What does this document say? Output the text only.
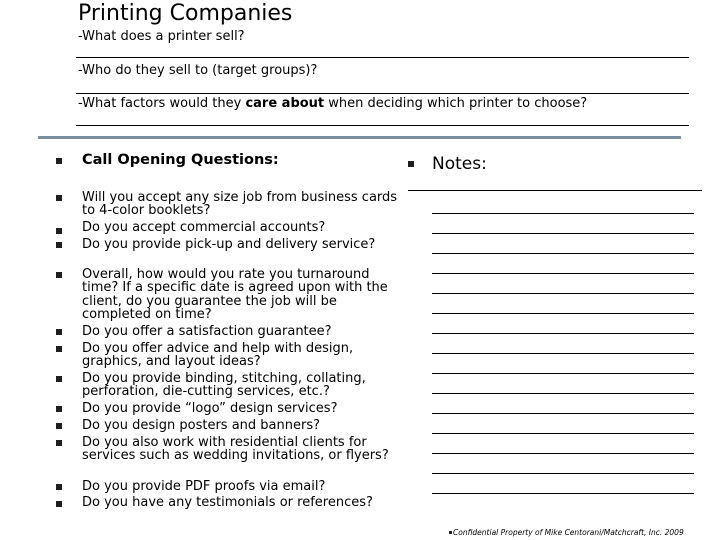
Printing Companies
-What does a printer sell?
-Who do they sell to (target groups)?
-What factors would they care about when deciding which printer to choose?
Call Opening Questions:	Notes:
Will you accept any size job from business cards to 4-color booklets?
Do you accept commercial accounts?
Do you provide pick-up and delivery service?
Overall, how would you rate you turnaround time? If a specific date is agreed upon with the client, do you guarantee the job will be completed on time?
Do you offer a satisfaction guarantee?
Do you offer advice and help with design, graphics, and layout ideas?
Do you provide binding, stitching, collating, perforation, die-cutting services, etc.?
Do you provide “logo” design services?
Do you design posters and banners?
Do you also work with residential clients for services such as wedding invitations, or flyers?
Do you provide PDF proofs via email?
Do you have any testimonials or references?
Confidential Property of Mike Centorani/Matchcraft, Inc. 2009
